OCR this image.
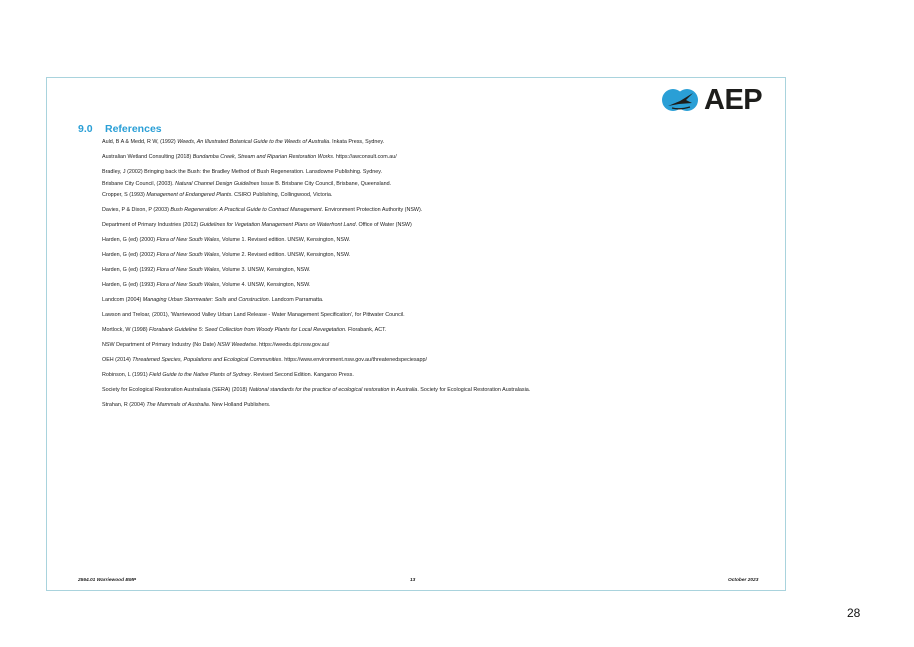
AEP
9.0 References
Auld, B A & Medd, R W, (1992) Weeds, An Illustrated Botanical Guide to the Weeds of Australia. Inkata Press, Sydney.
Australian Wetland Consulting (2018) Bundamba Creek, Stream and Riparian Restoration Works. https://awconsult.com.au/
Bradley, J (2002) Bringing back the Bush: the Bradley Method of Bush Regeneration. Lansdowne Publishing. Sydney.
Brisbane City Council, (2003). Natural Channel Design Guidelines Issue B. Brisbane City Council, Brisbane, Queensland.
Cropper, S (1993) Management of Endangered Plants. CSIRO Publishing, Collingwood, Victoria.
Davies, P & Dixon, P (2003) Bush Regeneration: A Practical Guide to Contract Management. Environment Protection Authority (NSW).
Department of Primary Industries (2012) Guidelines for Vegetation Management Plans on Waterfront Land. Office of Water (NSW)
Harden, G (ed) (2000) Flora of New South Wales, Volume 1. Revised edition. UNSW, Kensington, NSW.
Harden, G (ed) (2002) Flora of New South Wales, Volume 2. Revised edition. UNSW, Kensington, NSW.
Harden, G (ed) (1992) Flora of New South Wales, Volume 3. UNSW, Kensington, NSW.
Harden, G (ed) (1993) Flora of New South Wales, Volume 4. UNSW, Kensington, NSW.
Landcom (2004) Managing Urban Stormwater: Soils and Construction. Landcom Parramatta.
Lawson and Treloar, (2001), 'Warriewood Valley Urban Land Release - Water Management Specification', for Pittwater Council.
Mortlock, W (1998) Florabank Guideline 5: Seed Collection from Woody Plants for Local Revegetation. Florabank, ACT.
NSW Department of Primary Industry (No Date) NSW Weedwise. https://weeds.dpi.nsw.gov.au/
OEH (2014) Threatened Species, Populations and Ecological Communities. https://www.environment.nsw.gov.au/threatenedspeciesapp/
Robinson, L (1991) Field Guide to the Native Plants of Sydney. Revised Second Edition. Kangaroo Press.
Society for Ecological Restoration Australasia (SERA) (2018) National standards for the practice of ecological restoration in Australia. Society for Ecological Restoration Australasia.
Strahan, R (2004) The Mammals of Australia. New Holland Publishers.
2564.01 Warriewood BMP	13	October 2023
28
